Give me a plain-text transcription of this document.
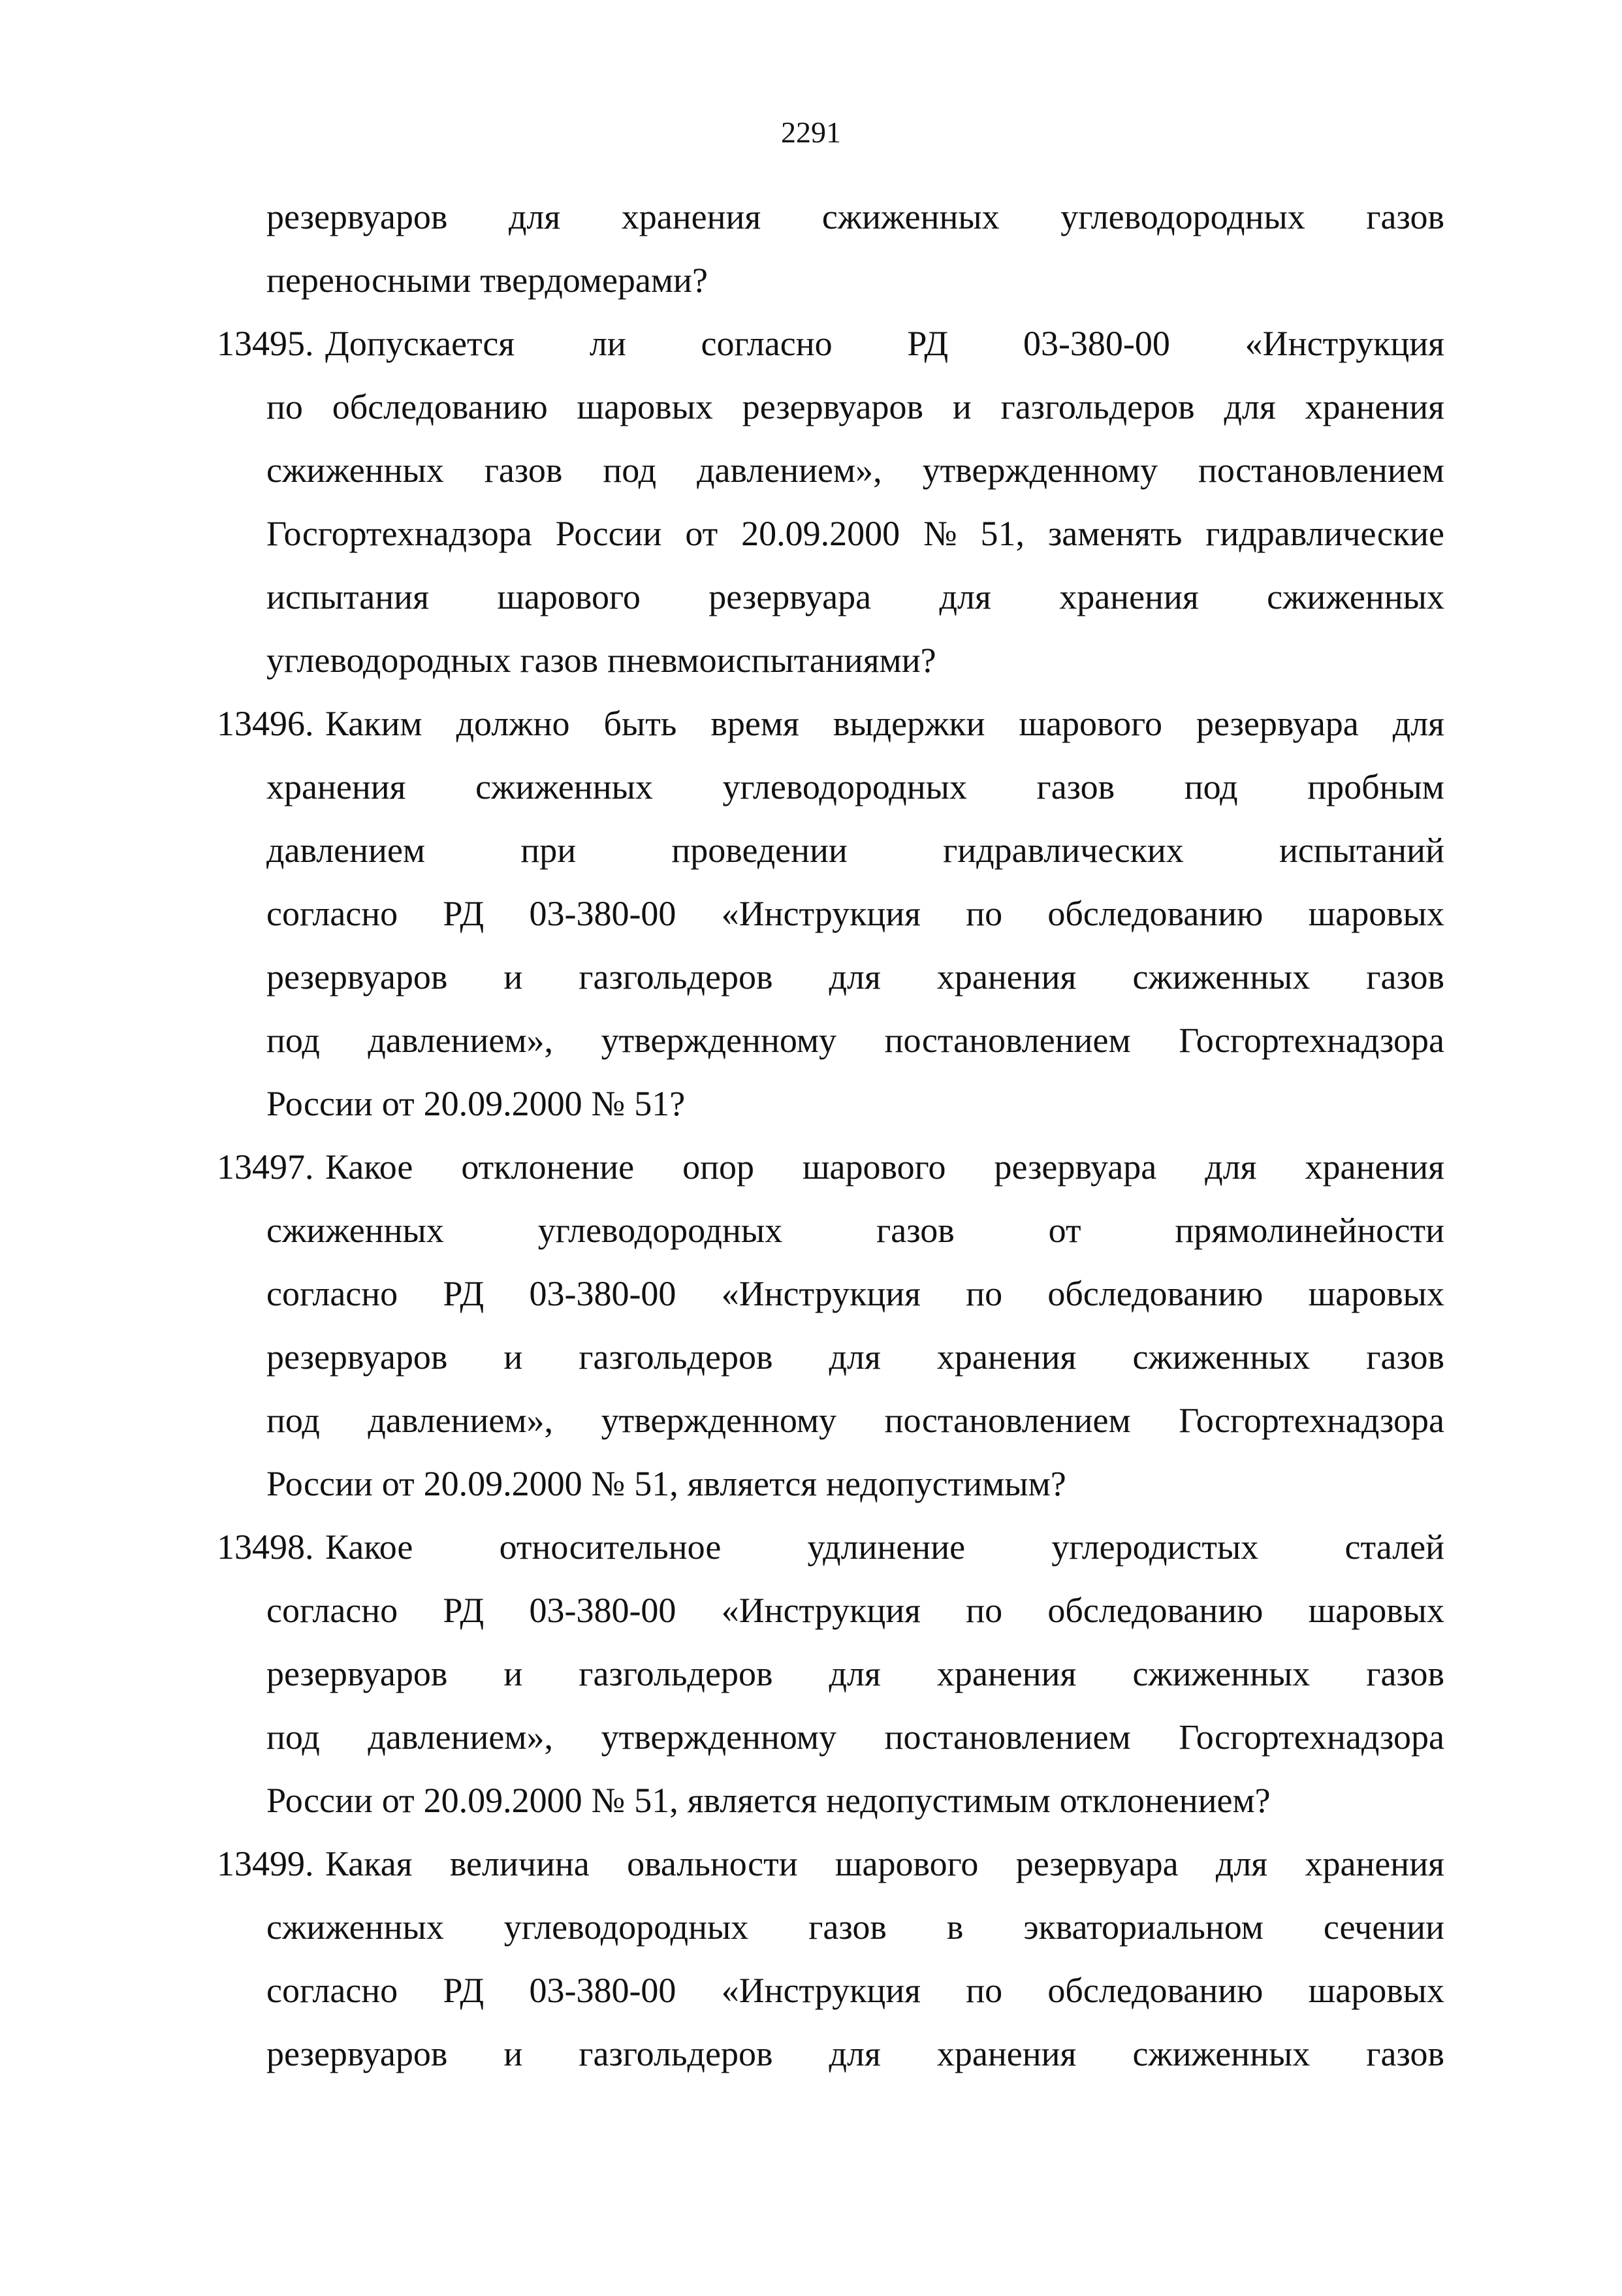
2291
резервуаров для хранения сжиженных углеводородных газов
переносными твердомерами?
13495. Допускается ли согласно РД 03-380-00 «Инструкция
по обследованию шаровых резервуаров и газгольдеров для хранения
сжиженных газов под давлением», утвержденному постановлением
Госгортехнадзора России от 20.09.2000 № 51, заменять гидравлические
испытания шарового резервуара для хранения сжиженных
углеводородных газов пневмоиспытаниями?
13496. Каким должно быть время выдержки шарового резервуара для
хранения сжиженных углеводородных газов под пробным
давлением	при	проведении	гидравлических	испытаний
согласно РД 03-380-00 «Инструкция по обследованию шаровых
резервуаров и газгольдеров для хранения сжиженных газов
под давлением», утвержденному постановлением Госгортехнадзора
России от 20.09.2000 № 51?
13497. Какое отклонение опор шарового резервуара для хранения
сжиженных	углеводородных	газов	от	прямолинейности
согласно РД 03-380-00 «Инструкция по обследованию шаровых
резервуаров и газгольдеров для хранения сжиженных газов
под давлением», утвержденному постановлением Госгортехнадзора
России от 20.09.2000 № 51, является недопустимым?
13498. Какое относительное удлинение углеродистых сталей
согласно РД 03-380-00 «Инструкция по обследованию шаровых
резервуаров и газгольдеров для хранения сжиженных газов
под давлением», утвержденному постановлением Госгортехнадзора
России от 20.09.2000 № 51, является недопустимым отклонением?
13499. Какая величина овальности шарового резервуара для хранения
сжиженных углеводородных газов в экваториальном сечении
согласно РД 03-380-00 «Инструкция по обследованию шаровых
резервуаров и газгольдеров для хранения сжиженных газов
